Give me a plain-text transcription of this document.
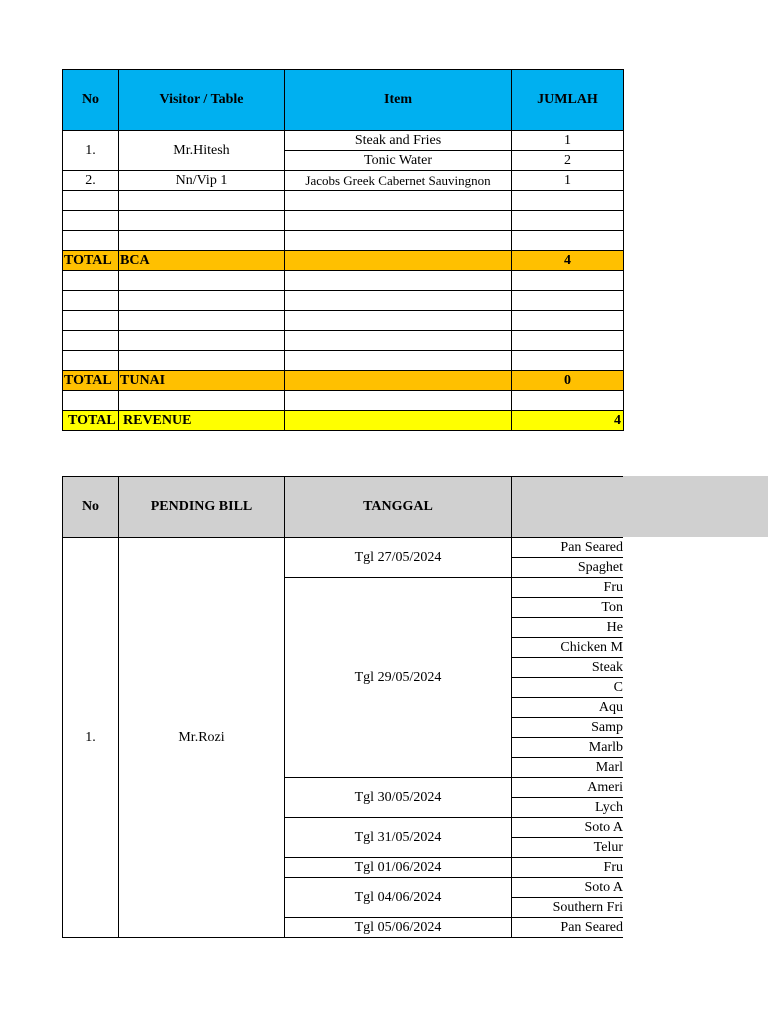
No	Visitor / Table	Item	JUMLAH
1.	Mr.Hitesh	Steak and Fries	1
		Tonic Water	2
2.	Nn/Vip 1	Jacobs Greek Cabernet Sauvingnon	1

TOTAL	BCA		4

TOTAL	TUNAI		0

TOTAL	REVENUE		4
No	PENDING BILL	TANGGAL	
1.	Mr.Rozi	Tgl 27/05/2024	Pan Seared
			Spaghet
		Tgl 29/05/2024	Fru
			Ton
			He
			Chicken M
			Steak
			C
			Aqu
			Samp
			Marlb
			Marl
		Tgl 30/05/2024	Ameri
			Lych
		Tgl 31/05/2024	Soto A
			Telur
		Tgl 01/06/2024	Fru
		Tgl 04/06/2024	Soto A
			Southern Fri
		Tgl 05/06/2024	Pan Seared
